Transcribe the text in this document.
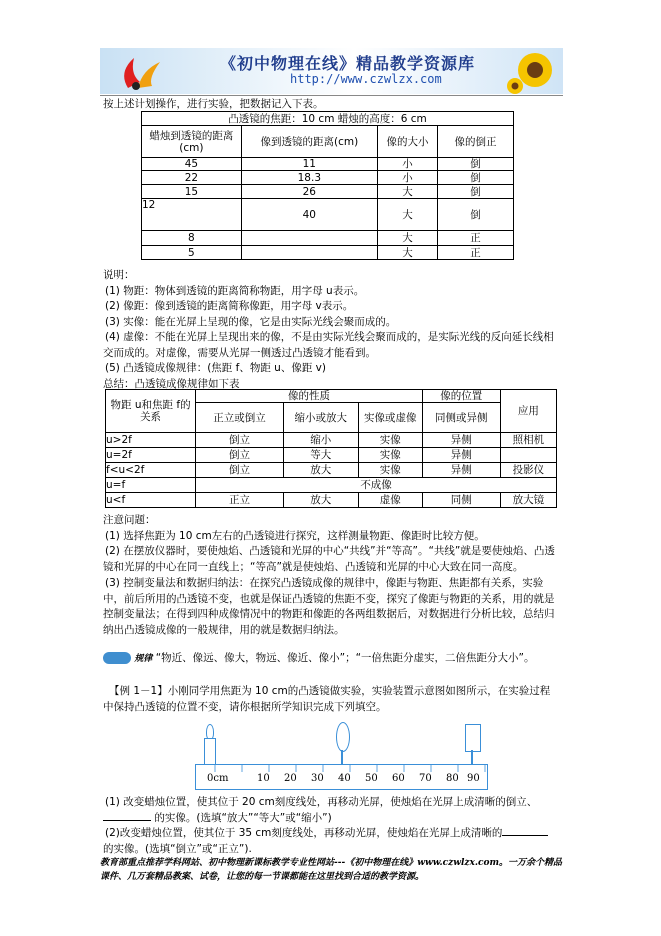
《初中物理在线》精品教学资源库
http://www.czwlzx.com
按上述计划操作，进行实验，把数据记入下表。
凸透镜的焦距：10 cm 蜡烛的高度：6 cm			
蜡烛到透镜的距离(cm)	像到透镜的距离(cm)	像的大小	像的倒正
45	11	小	倒
22	18.3	小	倒
15	26	大	倒
12	40	大	倒
8		大	正
5		大	正
说明：
(1) 物距：物体到透镜的距离简称物距，用字母 u表示。
(2) 像距：像到透镜的距离简称像距，用字母 v表示。
(3) 实像：能在光屏上呈现的像，它是由实际光线会聚而成的。
(4) 虚像：不能在光屏上呈现出来的像，不是由实际光线会聚而成的，是实际光线的反向延长线相交而成的。对虚像，需要从光屏一侧透过凸透镜才能看到。
(5) 凸透镜成像规律：(焦距 f、物距 u、像距 v)
总结：凸透镜成像规律如下表
物距 u和焦距 f的关系	像的性质			像的位置	应用
	正立或倒立	缩小或放大	实像或虚像	同侧或异侧	
u>2f	倒立	缩小	实像	异侧	照相机
u=2f	倒立	等大	实像	异侧	
f<u<2f	倒立	放大	实像	异侧	投影仪
u=f	不成像				
u<f	正立	放大	虚像	同侧	放大镜
注意问题：
(1) 选择焦距为 10 cm左右的凸透镜进行探究，这样测量物距、像距时比较方便。
(2) 在摆放仪器时，要使烛焰、凸透镜和光屏的中心“共线”并“等高”。“共线”就是要使烛焰、凸透镜和光屏的中心在同一直线上；“等高”就是使烛焰、凸透镜和光屏的中心大致在同一高度。
(3) 控制变量法和数据归纳法：在探究凸透镜成像的规律中，像距与物距、焦距都有关系，实验中，前后所用的凸透镜不变，也就是保证凸透镜的焦距不变，探究了像距与物距的关系，用的就是控制变量法；在得到四种成像情况中的物距和像距的各两组数据后，对数据进行分析比较，总结归纳出凸透镜成像的一般规律，用的就是数据归纳法。
规律 “物近、像远、像大，物远、像近、像小”；“一倍焦距分虚实，二倍焦距分大小”。
【例 1－1】小刚同学用焦距为 10 cm的凸透镜做实验，实验装置示意图如图所示，在实验过程中保持凸透镜的位置不变，请你根据所学知识完成下列填空。
0cm	10 20 30 40 50 60 70 80 90
(1) 改变蜡烛位置，使其位于 20 cm刻度线处，再移动光屏，使烛焰在光屏上成清晰的倒立、 的实像。(选填“放大”“等大”或“缩小”)
(2)改变蜡烛位置，使其位于 35 cm刻度线处，再移动光屏，使烛焰在光屏上成清晰的 的实像。(选填“倒立”或“正立”).
教育部重点推荐学科网站、初中物理新课标教学专业性网站---《初中物理在线》www.czwlzx.com。一万余个精品课件、几万套精品教案、试卷，让您的每一节课都能在这里找到合适的教学资源。
